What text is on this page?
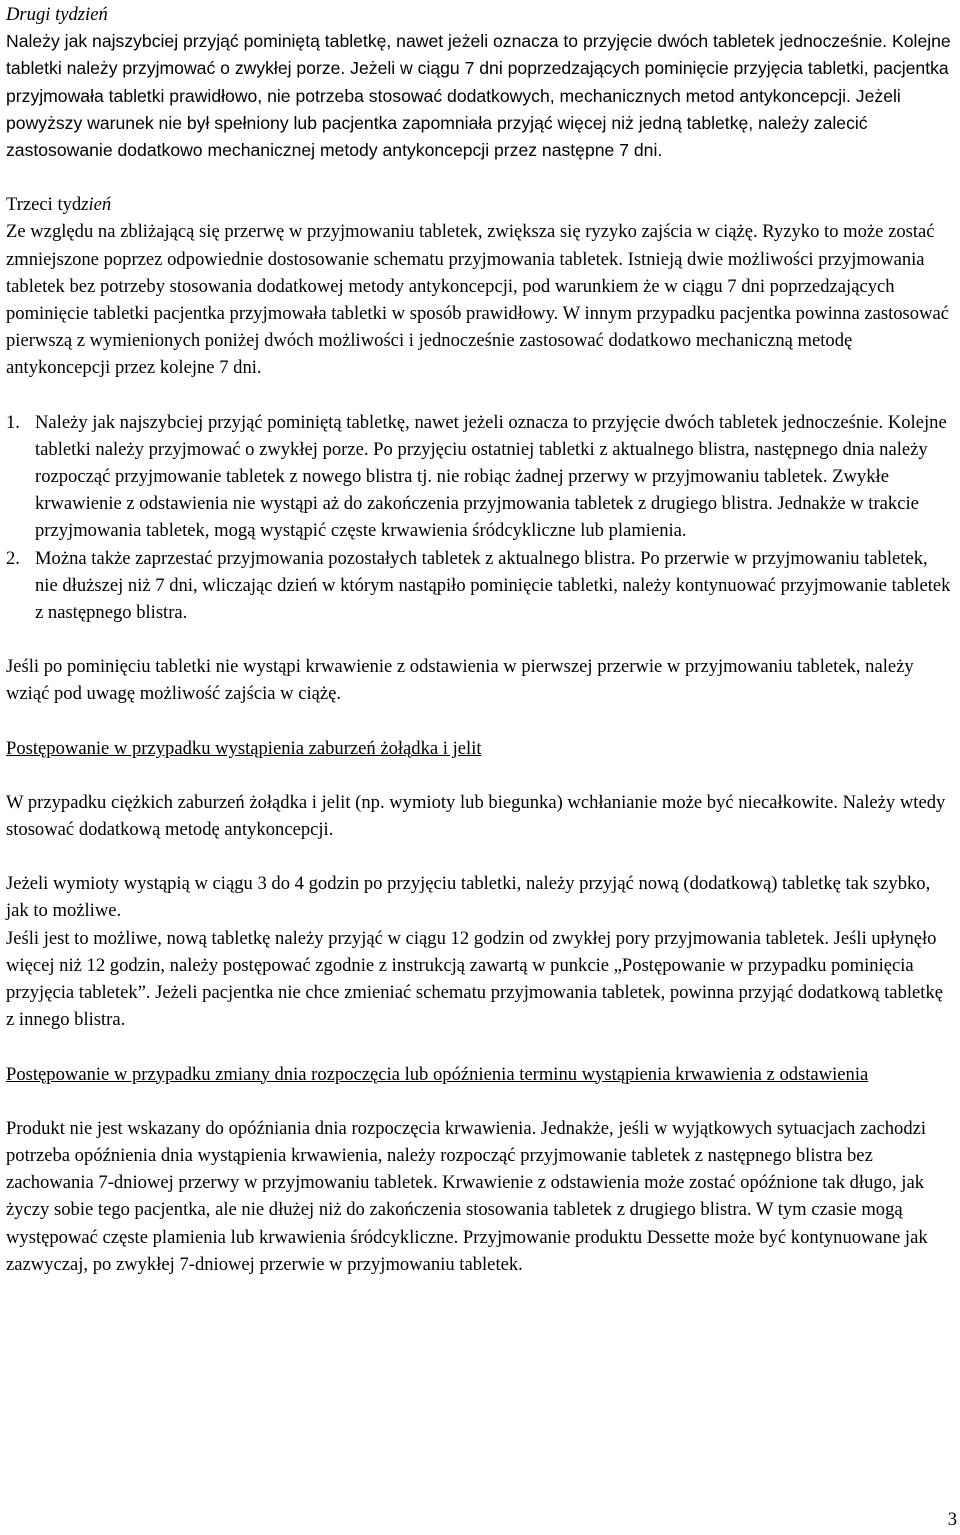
Drugi tydzień

Należy jak najszybciej przyjąć pominiętą tabletkę, nawet jeżeli oznacza to przyjęcie dwóch tabletek jednocześnie. Kolejne tabletki należy przyjmować o zwykłej porze. Jeżeli w ciągu 7 dni poprzedzających pominięcie przyjęcia tabletki, pacjentka przyjmowała tabletki prawidłowo, nie potrzeba stosować dodatkowych, mechanicznych metod antykoncepcji. Jeżeli powyższy warunek nie był spełniony lub pacjentka zapomniała przyjąć więcej niż jedną tabletkę, należy zalecić zastosowanie dodatkowo mechanicznej metody antykoncepcji przez następne 7 dni.

Trzeci tydzień

Ze względu na zbliżającą się przerwę w przyjmowaniu tabletek, zwiększa się ryzyko zajścia w ciążę. Ryzyko to może zostać zmniejszone poprzez odpowiednie dostosowanie schematu przyjmowania tabletek. Istnieją dwie możliwości przyjmowania tabletek bez potrzeby stosowania dodatkowej metody antykoncepcji, pod warunkiem że w ciągu 7 dni poprzedzających pominięcie tabletki pacjentka przyjmowała tabletki w sposób prawidłowy. W innym przypadku pacjentka powinna zastosować pierwszą z wymienionych poniżej dwóch możliwości i jednocześnie zastosować dodatkowo mechaniczną metodę antykoncepcji przez kolejne 7 dni.

1. Należy jak najszybciej przyjąć pominiętą tabletkę, nawet jeżeli oznacza to przyjęcie dwóch tabletek jednocześnie. Kolejne tabletki należy przyjmować o zwykłej porze. Po przyjęciu ostatniej tabletki z aktualnego blistra, następnego dnia należy rozpocząć przyjmowanie tabletek z nowego blistra tj. nie robiąc żadnej przerwy w przyjmowaniu tabletek. Zwykłe krwawienie z odstawienia nie wystąpi aż do zakończenia przyjmowania tabletek z drugiego blistra. Jednakże w trakcie przyjmowania tabletek, mogą wystąpić częste krwawienia śródcykliczne lub plamienia.
2. Można także zaprzestać przyjmowania pozostałych tabletek z aktualnego blistra. Po przerwie w przyjmowaniu tabletek, nie dłuższej niż 7 dni, wliczając dzień w którym nastąpiło pominięcie tabletki, należy kontynuować przyjmowanie tabletek z następnego blistra.

Jeśli po pominięciu tabletki nie wystąpi krwawienie z odstawienia w pierwszej przerwie w przyjmowaniu tabletek, należy wziąć pod uwagę możliwość zajścia w ciążę.

Postępowanie w przypadku wystąpienia zaburzeń żołądka i jelit

W przypadku ciężkich zaburzeń żołądka i jelit (np. wymioty lub biegunka) wchłanianie może być niecałkowite. Należy wtedy stosować dodatkową metodę antykoncepcji.

Jeżeli wymioty wystąpią w ciągu 3 do 4 godzin po przyjęciu tabletki, należy przyjąć nową (dodatkową) tabletkę tak szybko, jak to możliwe.

Jeśli jest to możliwe, nową tabletkę należy przyjąć w ciągu 12 godzin od zwykłej pory przyjmowania tabletek. Jeśli upłynęło więcej niż 12 godzin, należy postępować zgodnie z instrukcją zawartą w punkcie „Postępowanie w przypadku pominięcia przyjęcia tabletek”. Jeżeli pacjentka nie chce zmieniać schematu przyjmowania tabletek, powinna przyjąć dodatkową tabletkę z innego blistra.

Postępowanie w przypadku zmiany dnia rozpoczęcia lub opóźnienia terminu wystąpienia krwawienia z odstawienia

Produkt nie jest wskazany do opóźniania dnia rozpoczęcia krwawienia. Jednakże, jeśli w wyjątkowych sytuacjach zachodzi potrzeba opóźnienia dnia wystąpienia krwawienia, należy rozpocząć przyjmowanie tabletek z następnego blistra bez zachowania 7-dniowej przerwy w przyjmowaniu tabletek. Krwawienie z odstawienia może zostać opóźnione tak długo, jak życzy sobie tego pacjentka, ale nie dłużej niż do zakończenia stosowania tabletek z drugiego blistra. W tym czasie mogą występować częste plamienia lub krwawienia śródcykliczne. Przyjmowanie produktu Dessette może być kontynuowane jak zazwyczaj, po zwykłej 7-dniowej przerwie w przyjmowaniu tabletek.

3
